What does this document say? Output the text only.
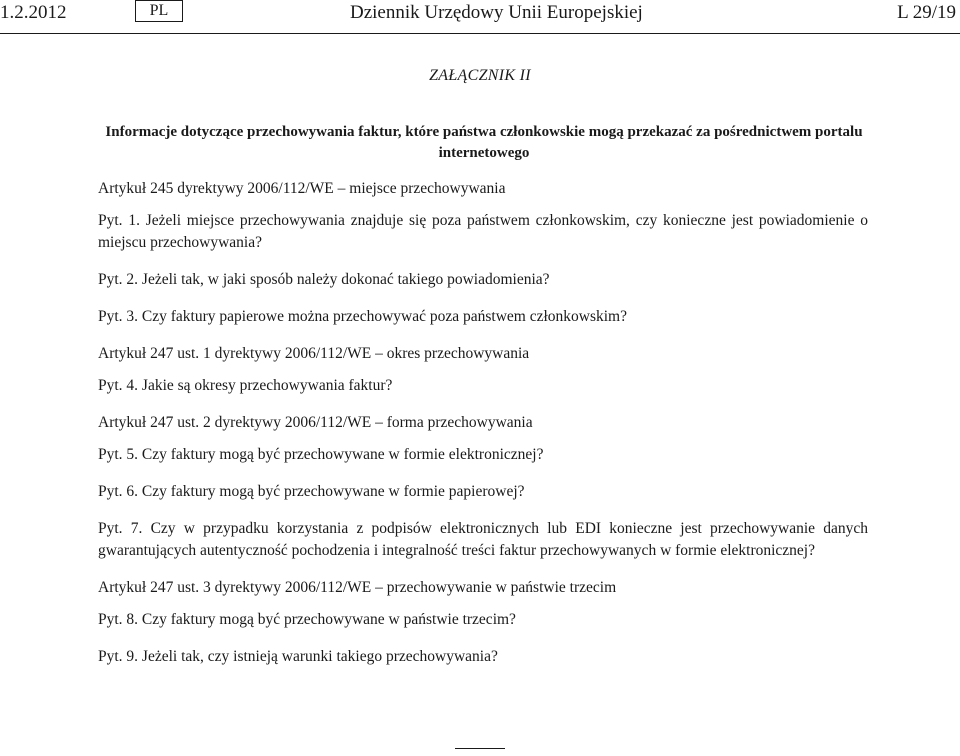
1.2.2012	PL	Dziennik Urzędowy Unii Europejskiej	L 29/19
ZAŁĄCZNIK II
Informacje dotyczące przechowywania faktur, które państwa członkowskie mogą przekazać za pośrednictwem portalu internetowego

Artykuł 245 dyrektywy 2006/112/WE – miejsce przechowywania

Pyt. 1. Jeżeli miejsce przechowywania znajduje się poza państwem członkowskim, czy konieczne jest powiadomienie o miejscu przechowywania?

Pyt. 2. Jeżeli tak, w jaki sposób należy dokonać takiego powiadomienia?

Pyt. 3. Czy faktury papierowe można przechowywać poza państwem członkowskim?

Artykuł 247 ust. 1 dyrektywy 2006/112/WE – okres przechowywania

Pyt. 4. Jakie są okresy przechowywania faktur?

Artykuł 247 ust. 2 dyrektywy 2006/112/WE – forma przechowywania

Pyt. 5. Czy faktury mogą być przechowywane w formie elektronicznej?

Pyt. 6. Czy faktury mogą być przechowywane w formie papierowej?

Pyt. 7. Czy w przypadku korzystania z podpisów elektronicznych lub EDI konieczne jest przechowywanie danych gwarantujących autentyczność pochodzenia i integralność treści faktur przechowywanych w formie elektronicznej?

Artykuł 247 ust. 3 dyrektywy 2006/112/WE – przechowywanie w państwie trzecim

Pyt. 8. Czy faktury mogą być przechowywane w państwie trzecim?

Pyt. 9. Jeżeli tak, czy istnieją warunki takiego przechowywania?
